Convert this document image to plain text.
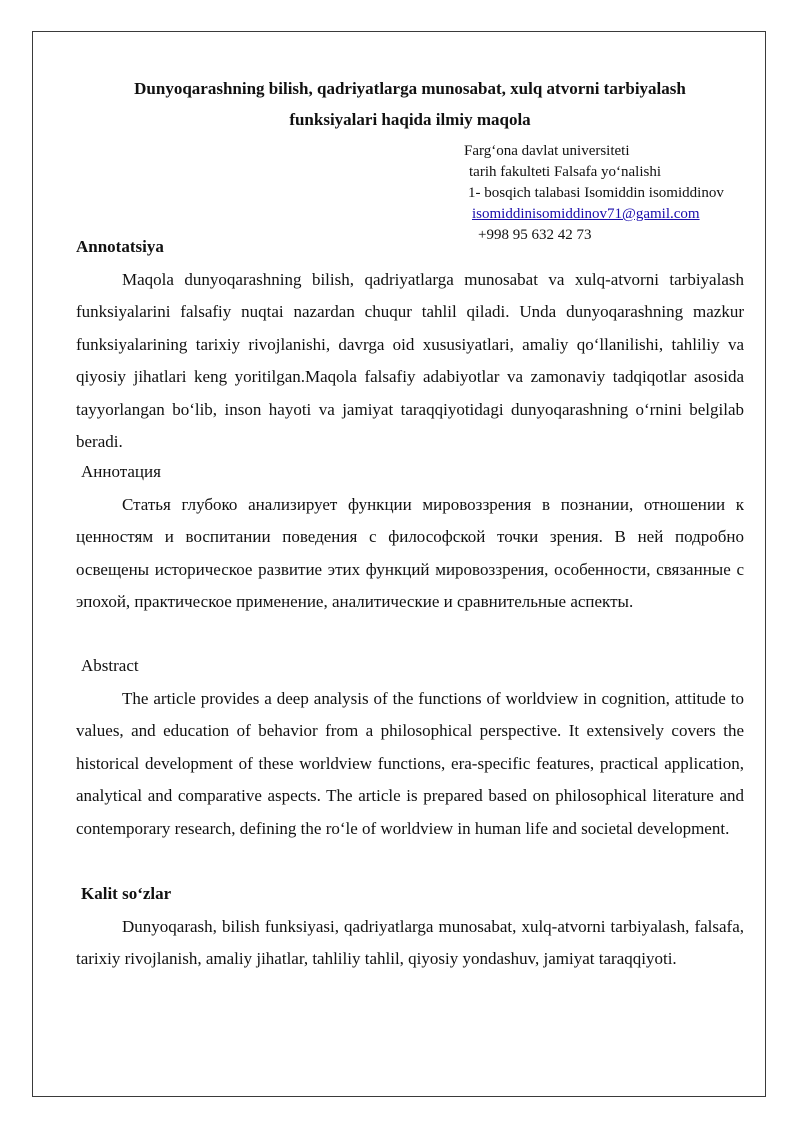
Dunyoqarashning bilish, qadriyatlarga munosabat, xulq atvorni tarbiyalash
funksiyalari haqida ilmiy maqola
Farg‘ona davlat universiteti
tarih fakulteti Falsafa yo‘nalishi
1- bosqich talabasi Isomiddin isomiddinov
isomiddinisomiddinov71@gamil.com
+998 95 632 42 73
Annotatsiya

Maqola dunyoqarashning bilish, qadriyatlarga munosabat va xulq-atvorni tarbiyalash funksiyalarini falsafiy nuqtai nazardan chuqur tahlil qiladi. Unda dunyoqarashning mazkur funksiyalarining tarixiy rivojlanishi, davrga oid xususiyatlari, amaliy qo‘llanilishi, tahliliy va qiyosiy jihatlari keng yoritilgan.Maqola falsafiy adabiyotlar va zamonaviy tadqiqotlar asosida tayyorlangan bo‘lib, inson hayoti va jamiyat taraqqiyotidagi dunyoqarashning o‘rnini belgilab beradi.

Аннотация

Статья глубоко анализирует функции мировоззрения в познании, отношении к ценностям и воспитании поведения с философской точки зрения. В ней подробно освещены историческое развитие этих функций мировоззрения, особенности, связанные с эпохой, практическое применение, аналитические и сравнительные аспекты.

Abstract

The article provides a deep analysis of the functions of worldview in cognition, attitude to values, and education of behavior from a philosophical perspective. It extensively covers the historical development of these worldview functions, era-specific features, practical application, analytical and comparative aspects. The article is prepared based on philosophical literature and contemporary research, defining the ro‘le of worldview in human life and societal development.

Kalit so‘zlar

Dunyoqarash, bilish funksiyasi, qadriyatlarga munosabat, xulq-atvorni tarbiyalash, falsafa, tarixiy rivojlanish, amaliy jihatlar, tahliliy tahlil, qiyosiy yondashuv, jamiyat taraqqiyoti.
